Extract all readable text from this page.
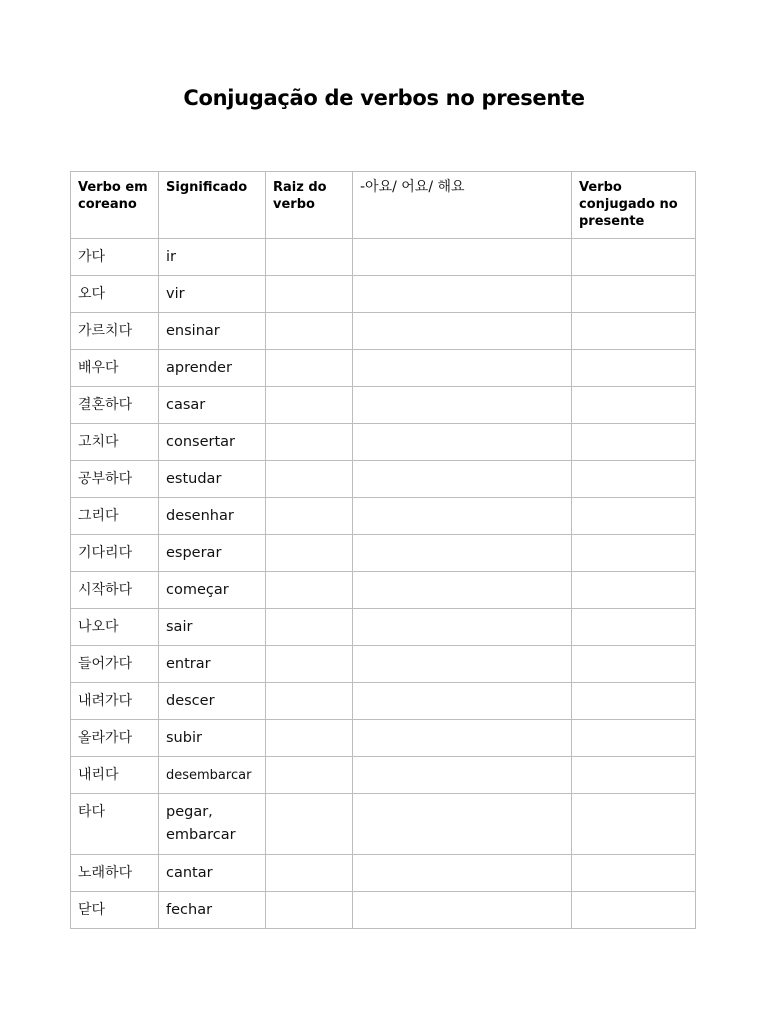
Conjugação de verbos no presente
Verbo em coreano	Significado	Raiz do verbo	-아요/ 어요/ 해요	Verbo conjugado no presente
가다	ir			
오다	vir			
가르치다	ensinar			
배우다	aprender			
결혼하다	casar			
고치다	consertar			
공부하다	estudar			
그리다	desenhar			
기다리다	esperar			
시작하다	começar			
나오다	sair			
들어가다	entrar			
내려가다	descer			
올라가다	subir			
내리다	desembarcar			
타다	pegar, embarcar			
노래하다	cantar			
닫다	fechar			
